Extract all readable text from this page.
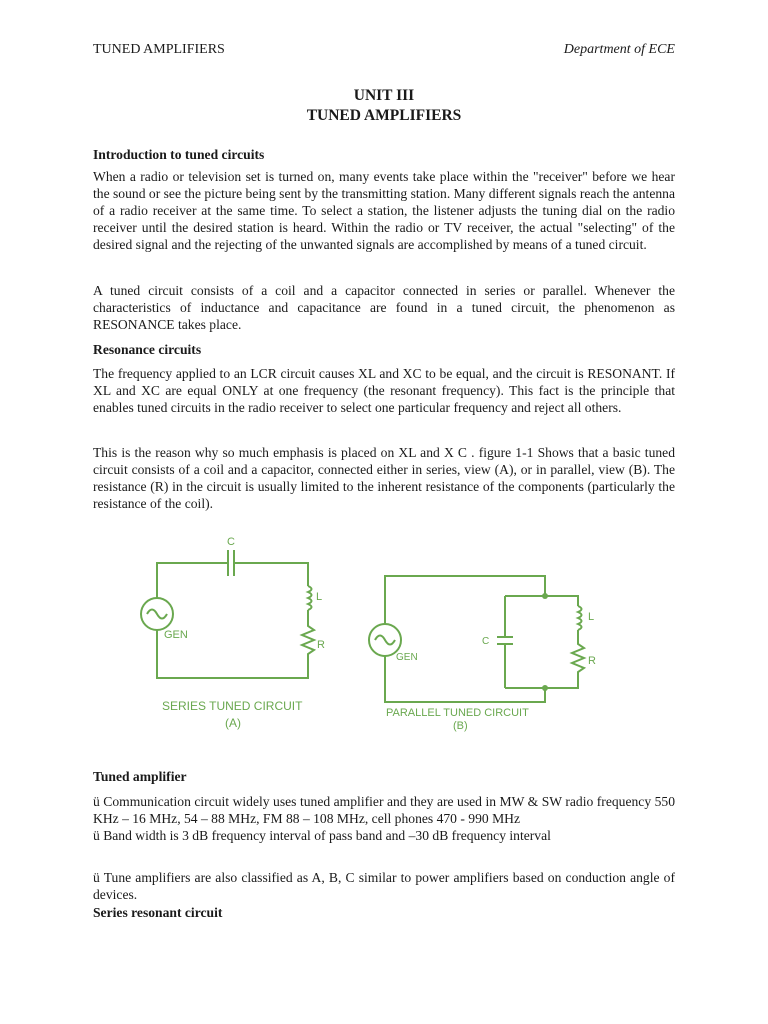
TUNED AMPLIFIERS	Department of ECE
UNIT III
TUNED AMPLIFIERS
Introduction to tuned circuits

When a radio or television set is turned on, many events take place within the "receiver" before we hear the sound or see the picture being sent by the transmitting station. Many different signals reach the antenna of a radio receiver at the same time. To select a station, the listener adjusts the tuning dial on the radio receiver until the desired station is heard. Within the radio or TV receiver, the actual "selecting" of the desired signal and the rejecting of the unwanted signals are accomplished by means of a tuned circuit.

A tuned circuit consists of a coil and a capacitor connected in series or parallel. Whenever the characteristics of inductance and capacitance are found in a tuned circuit, the phenomenon as RESONANCE takes place.

Resonance circuits

The frequency applied to an LCR circuit causes XL and XC to be equal, and the circuit is RESONANT. If XL and XC are equal ONLY at one frequency (the resonant frequency). This fact is the principle that enables tuned circuits in the radio receiver to select one particular frequency and reject all others.

This is the reason why so much emphasis is placed on XL and X C . figure 1-1 Shows that a basic tuned circuit consists of a coil and a capacitor, connected either in series, view (A), or in parallel, view (B). The resistance (R) in the circuit is usually limited to the inherent resistance of the components (particularly the resistance of the coil).

C
L
R
GEN
SERIES TUNED CIRCUIT
(A)
C
L
R
GEN
PARALLEL TUNED CIRCUIT
(B)
Tuned amplifier

ü Communication circuit widely uses tuned amplifier and they are used in MW & SW radio frequency 550 KHz – 16 MHz, 54 – 88 MHz, FM 88 – 108 MHz, cell phones 470 - 990 MHz

ü Band width is 3 dB frequency interval of pass band and –30 dB frequency interval

ü Tune amplifiers are also classified as A, B, C similar to power amplifiers based on conduction angle of devices.

Series resonant circuit
